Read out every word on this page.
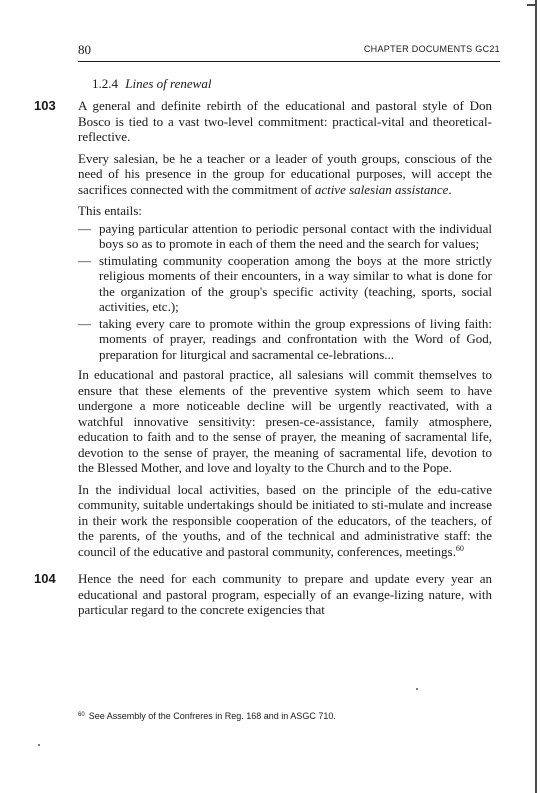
80	CHAPTER DOCUMENTS GC21
1.2.4 Lines of renewal
103 A general and definite rebirth of the educational and pastoral style of Don Bosco is tied to a vast two-level commitment: practical-vital and theoretical-reflective.

Every salesian, be he a teacher or a leader of youth groups, conscious of the need of his presence in the group for educational purposes, will accept the sacrifices connected with the commitment of active salesian assistance.

This entails:

— paying particular attention to periodic personal contact with the individual boys so as to promote in each of them the need and the search for values;
— stimulating community cooperation among the boys at the more strictly religious moments of their encounters, in a way similar to what is done for the organization of the group's specific activity (teaching, sports, social activities, etc.);
— taking every care to promote within the group expressions of living faith: moments of prayer, readings and confrontation with the Word of God, preparation for liturgical and sacramental ce-lebrations...

In educational and pastoral practice, all salesians will commit themselves to ensure that these elements of the preventive system which seem to have undergone a more noticeable decline will be urgently reactivated, with a watchful innovative sensitivity: presen-ce-assistance, family atmosphere, education to faith and to the sense of prayer, the meaning of sacramental life, devotion to the sense of prayer, the meaning of sacramental life, devotion to the Blessed Mother, and love and loyalty to the Church and to the Pope.

In the individual local activities, based on the principle of the edu-cative community, suitable undertakings should be initiated to sti-mulate and increase in their work the responsible cooperation of the educators, of the teachers, of the parents, of the youths, and of the technical and administrative staff: the council of the educative and pastoral community, conferences, meetings.$^{60}$

104 Hence the need for each community to prepare and update every year an educational and pastoral program, especially of an evange-lizing nature, with particular regard to the concrete exigencies that

$^{60}$ See Assembly of the Confreres in Reg. 168 and in ASGC 710.
